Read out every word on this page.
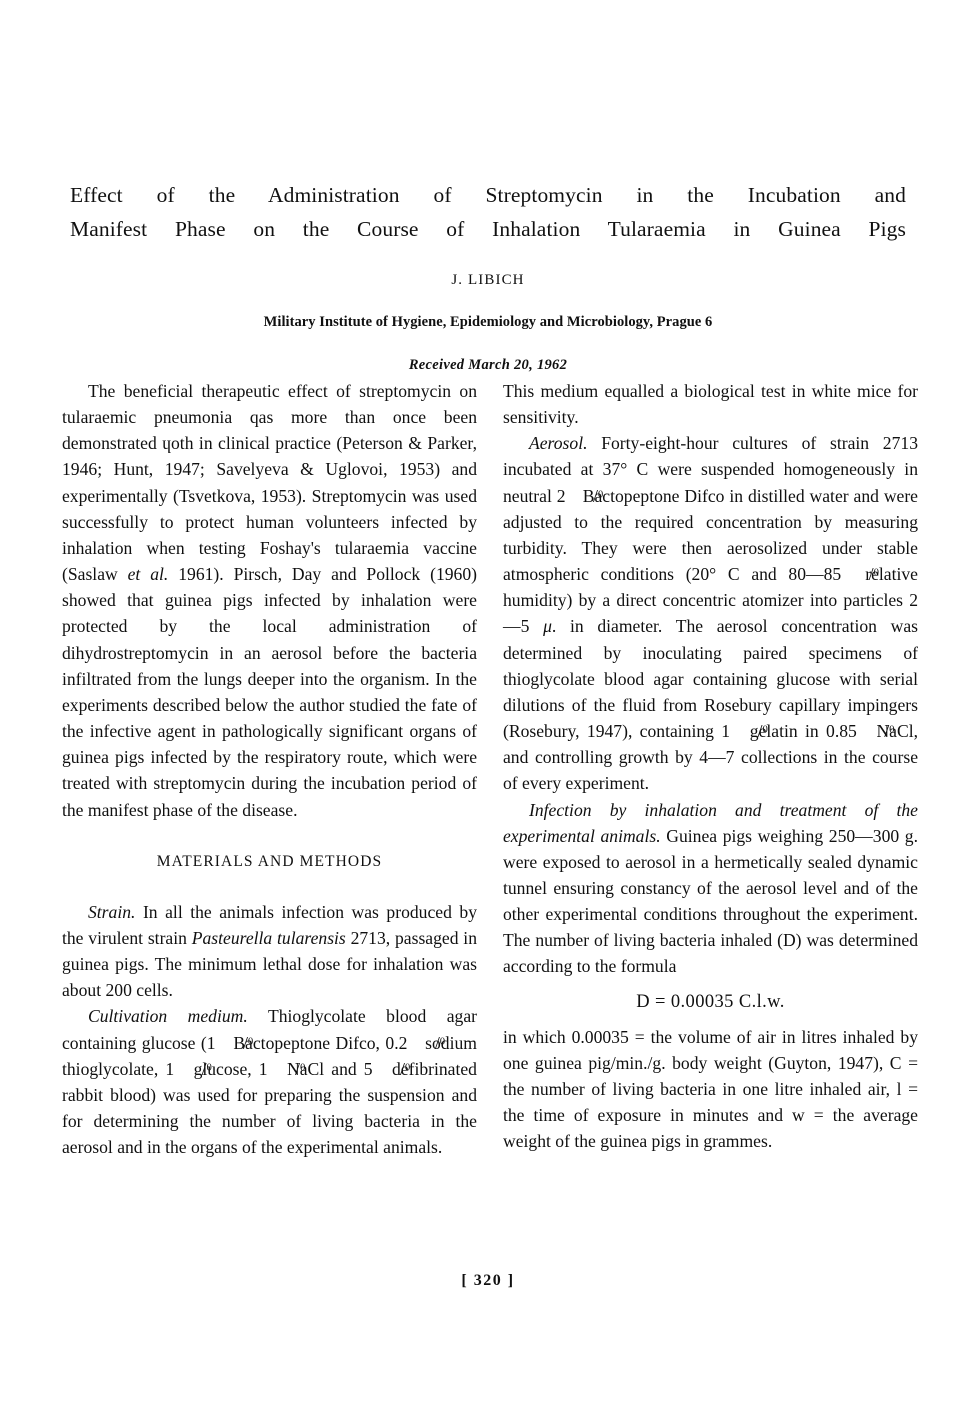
Effect of the Administration of Streptomycin in the Incubation and
Manifest Phase on the Course of Inhalation Tularaemia in Guinea Pigs
J. LIBICH
Military Institute of Hygiene, Epidemiology and Microbiology, Prague 6
Received March 20, 1962

The beneficial therapeutic effect of streptomycin on tularaemic pneumonia qas more than once been demonstrated ɥoth in clinical practice (Peterson & Parker, 1946; Hunt, 1947; Savelyeva & Uglovoi, 1953) and experimentally (Tsvetkova, 1953). Streptomycin was used successfully to protect human volunteers infected by inhalation when testing Foshay's tularaemia vaccine (Saslaw et al. 1961). Pirsch, Day and Pollock (1960) showed that guinea pigs infected by inhalation were protected by the local administration of dihydrostreptomycin in an aerosol before the bacteria infiltrated from the lungs deeper into the organism. In the experiments described below the author studied the fate of the infective agent in pathologically significant organs of guinea pigs infected by the respiratory route, which were treated with streptomycin during the incubation period of the manifest phase of the disease.

MATERIALS AND METHODS

Strain. In all the animals infection was produced by the virulent strain Pasteurella tularensis 2713, passaged in guinea pigs. The minimum lethal dose for inhalation was about 200 cells.

Cultivation medium. Thioglycolate blood agar containing glucose (1/ ₀ Bactopeptone Difco, 0.2/ ₀ sodium thioglycolate, 1/ ₀ glucose, 1/ ₀ NaCl and 5/ ₀ defibrinated rabbit blood) was used for preparing the suspension and for determining the number of living bacteria in the aerosol and in the organs of the experimental animals.

This medium equalled a biological test in white mice for sensitivity.

Aerosol. Forty-eight-hour cultures of strain 2713 incubated at 37° C were suspended homogeneously in neutral 2/ ₀ Bactopeptone Difco in distilled water and were adjusted to the required concentration by measuring turbidity. They were then aerosolized under stable atmospheric conditions (20° C and 80—85/ ₀ relative humidity) by a direct concentric atomizer into particles 2—5 μ. in diameter. The aerosol concentration was determined by inoculating paired specimens of thioglycolate blood agar containing glucose with serial dilutions of the fluid from Rosebury capillary impingers (Rosebury, 1947), containing 1/ ₀ gelatin in 0.85/ ₀ NaCl, and controlling growth by 4—7 collections in the course of every experiment.

Infection by inhalation and treatment of the experimental animals. Guinea pigs weighing 250—300 g. were exposed to aerosol in a hermetically sealed dynamic tunnel ensuring constancy of the aerosol level and of the other experimental conditions throughout the experiment. The number of living bacteria inhaled (D) was determined according to the formula

D = 0.00035 C.l.w.

in which 0.00035 = the volume of air in litres inhaled by one guinea pig/min./g. body weight (Guyton, 1947), C = the number of living bacteria in one litre inhaled air, l = the time of exposure in minutes and w = the average weight of the guinea pigs in grammes.

[ 320 ]
